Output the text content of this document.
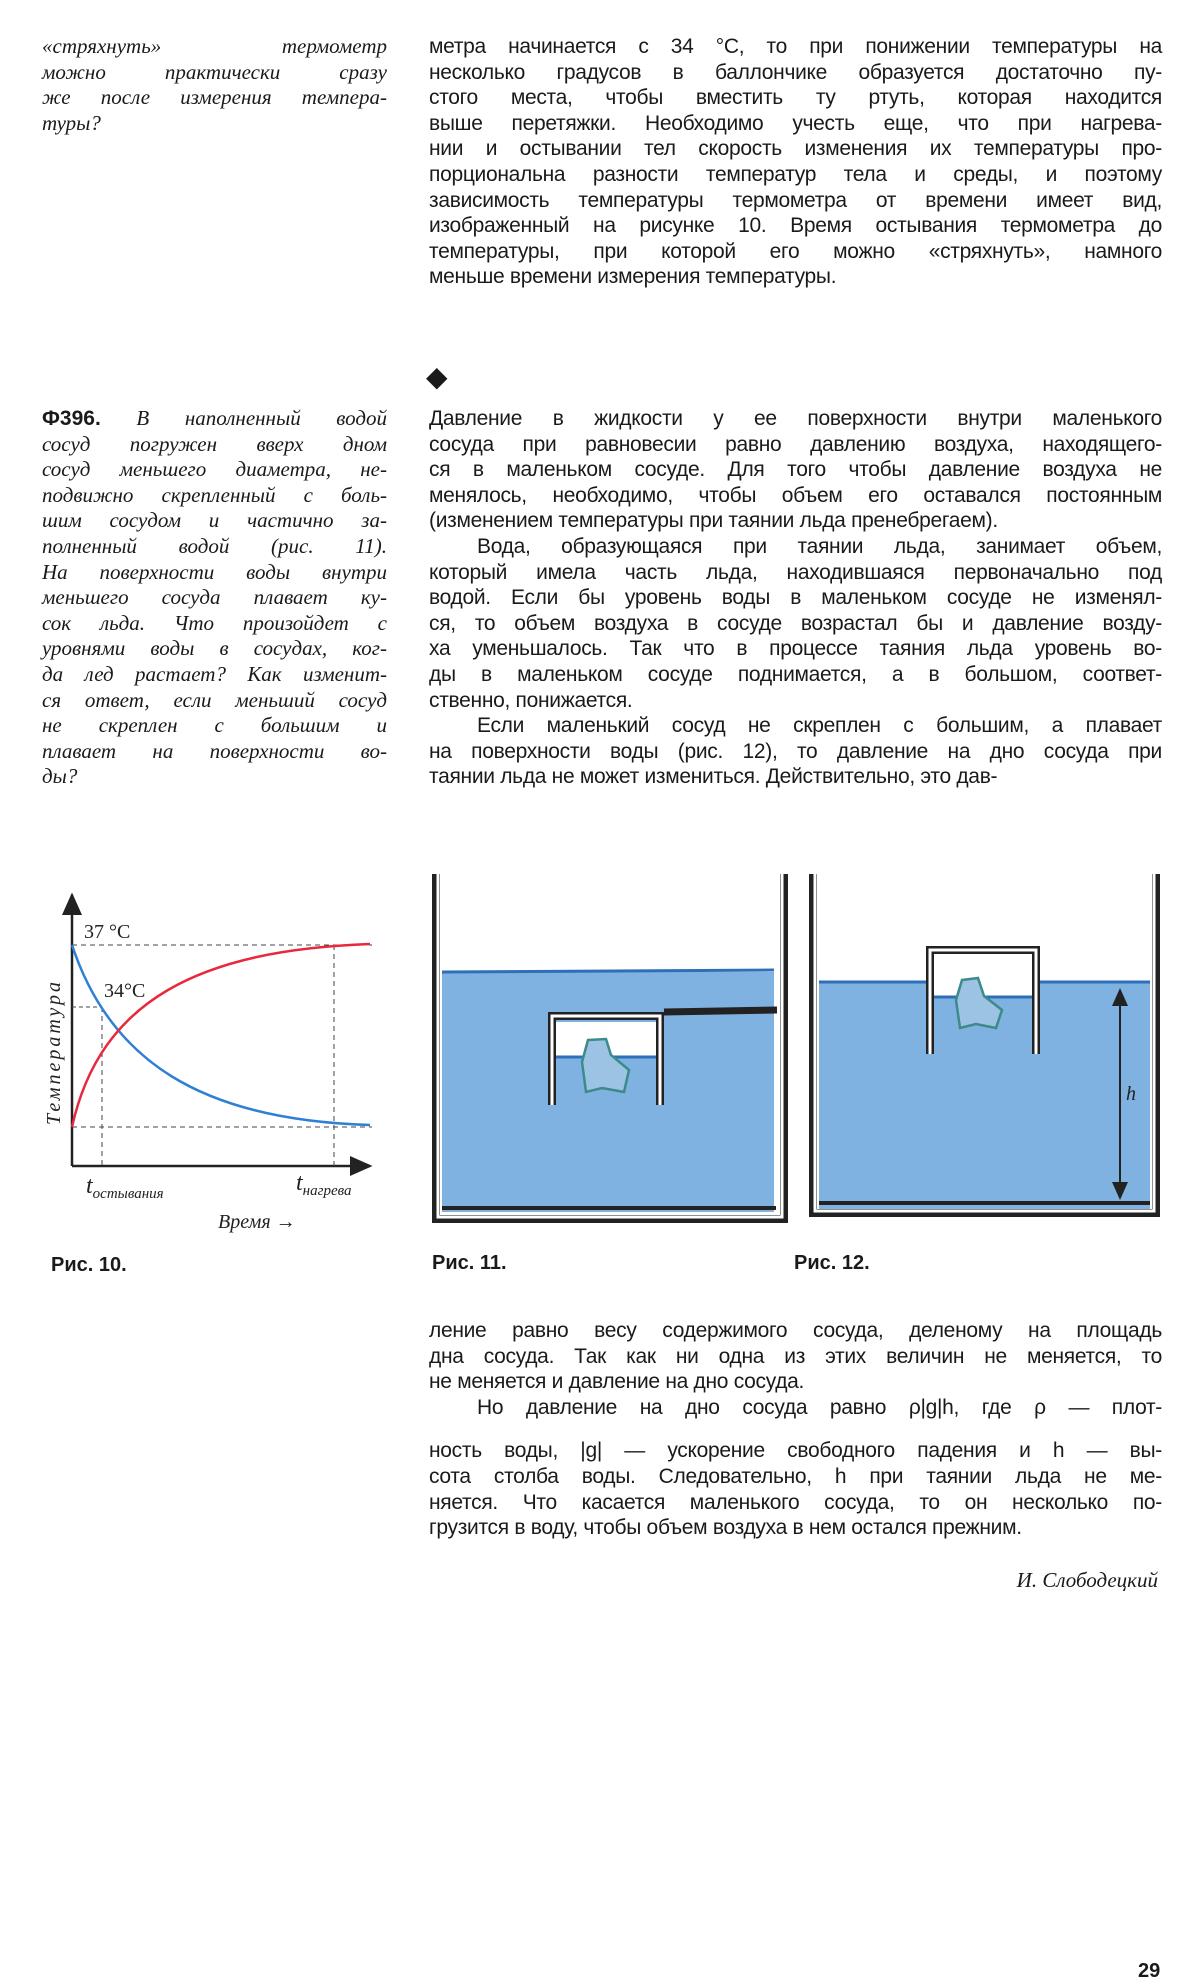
«стряхнуть» термометр
можно практически сразу
же после измерения темпера-
туры?
метра начинается с 34 °С, то при понижении температуры на
несколько градусов в баллончике образуется достаточно пу-
стого места, чтобы вместить ту ртуть, которая находится
выше перетяжки. Необходимо учесть еще, что при нагрева-
нии и остывании тел скорость изменения их температуры про-
порциональна разности температур тела и среды, и поэтому
зависимость температуры термометра от времени имеет вид,
изображенный на рисунке 10. Время остывания термометра до
температуры, при которой его можно «стряхнуть», намного
меньше времени измерения температуры.
◆
Ф396. В наполненный водой
сосуд погружен вверх дном
сосуд меньшего диаметра, не-
подвижно скрепленный с боль-
шим сосудом и частично за-
полненный водой (рис. 11).
На поверхности воды внутри
меньшего сосуда плавает ку-
сок льда. Что произойдет с
уровнями воды в сосудах, ког-
да лед растает? Как изменит-
ся ответ, если меньший сосуд
не скреплен с большим и
плавает на поверхности во-
ды?
Давление в жидкости у ее поверхности внутри маленького
сосуда при равновесии равно давлению воздуха, находящего-
ся в маленьком сосуде. Для того чтобы давление воздуха не
менялось, необходимо, чтобы объем его оставался постоянным
(изменением температуры при таянии льда пренебрегаем).
Вода, образующаяся при таянии льда, занимает объем,
который имела часть льда, находившаяся первоначально под
водой. Если бы уровень воды в маленьком сосуде не изменял-
ся, то объем воздуха в сосуде возрастал бы и давление возду-
ха уменьшалось. Так что в процессе таяния льда уровень во-
ды в маленьком сосуде поднимается, а в большом, соответ-
ственно, понижается.
Если маленький сосуд не скреплен с большим, а плавает
на поверхности воды (рис. 12), то давление на дно сосуда при
таянии льда не может измениться. Действительно, это дав-
37 °С
34°С
Температура
$t_{остывания}$	$t_{нагрева}$
Время →
h
Рис. 10.	Рис. 11.	Рис. 12.
ление равно весу содержимого сосуда, деленому на площадь
дна сосуда. Так как ни одна из этих величин не меняется, то
не меняется и давление на дно сосуда.
Но давление на дно сосуда равно ρ|g|h, где ρ — плот-
ность воды, |g| — ускорение свободного падения и h — вы-
сота столба воды. Следовательно, h при таянии льда не ме-
няется. Что касается маленького сосуда, то он несколько по-
грузится в воду, чтобы объем воздуха в нем остался прежним.
И. Слободецкий
29
